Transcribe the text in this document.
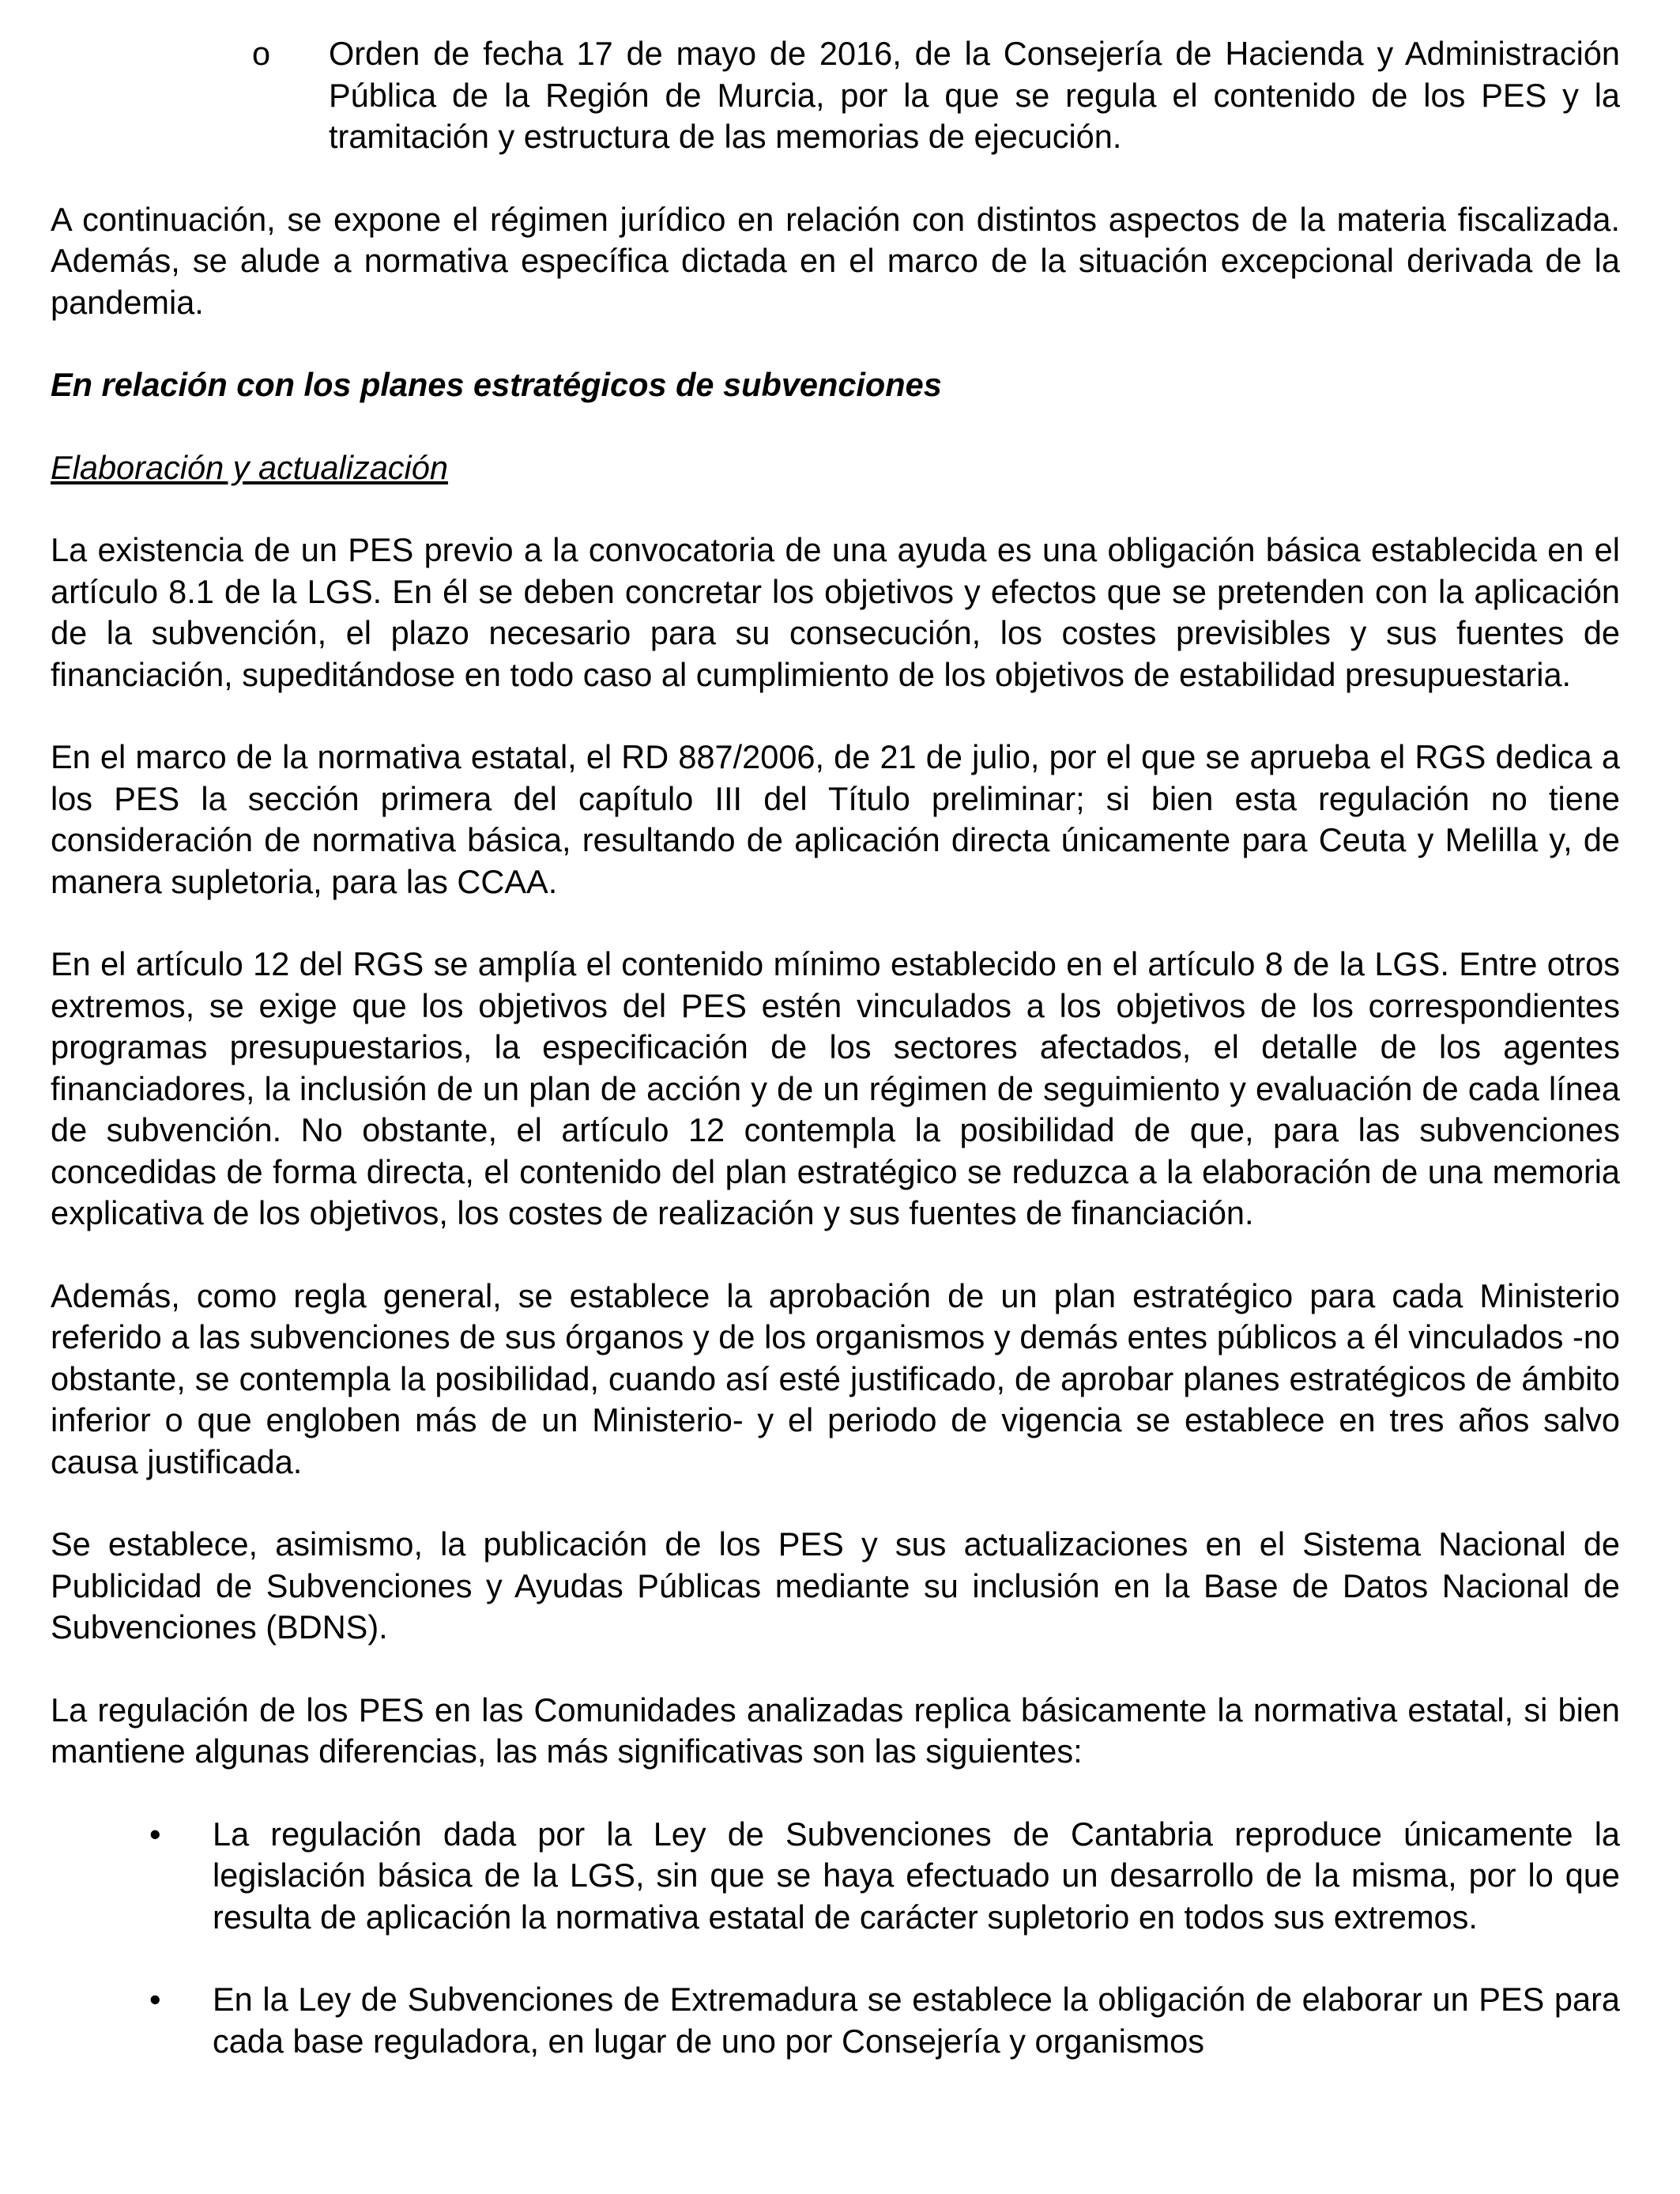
o Orden de fecha 17 de mayo de 2016, de la Consejería de Hacienda y Administración Pública de la Región de Murcia, por la que se regula el contenido de los PES y la tramitación y estructura de las memorias de ejecución.

A continuación, se expone el régimen jurídico en relación con distintos aspectos de la materia fiscalizada. Además, se alude a normativa específica dictada en el marco de la situación excepcional derivada de la pandemia.

En relación con los planes estratégicos de subvenciones
Elaboración y actualización

La existencia de un PES previo a la convocatoria de una ayuda es una obligación básica establecida en el artículo 8.1 de la LGS. En él se deben concretar los objetivos y efectos que se pretenden con la aplicación de la subvención, el plazo necesario para su consecución, los costes previsibles y sus fuentes de financiación, supeditándose en todo caso al cumplimiento de los objetivos de estabilidad presupuestaria.

En el marco de la normativa estatal, el RD 887/2006, de 21 de julio, por el que se aprueba el RGS dedica a los PES la sección primera del capítulo III del Título preliminar; si bien esta regulación no tiene consideración de normativa básica, resultando de aplicación directa únicamente para Ceuta y Melilla y, de manera supletoria, para las CCAA.

En el artículo 12 del RGS se amplía el contenido mínimo establecido en el artículo 8 de la LGS. Entre otros extremos, se exige que los objetivos del PES estén vinculados a los objetivos de los correspondientes programas presupuestarios, la especificación de los sectores afectados, el detalle de los agentes financiadores, la inclusión de un plan de acción y de un régimen de seguimiento y evaluación de cada línea de subvención. No obstante, el artículo 12 contempla la posibilidad de que, para las subvenciones concedidas de forma directa, el contenido del plan estratégico se reduzca a la elaboración de una memoria explicativa de los objetivos, los costes de realización y sus fuentes de financiación.

Además, como regla general, se establece la aprobación de un plan estratégico para cada Ministerio referido a las subvenciones de sus órganos y de los organismos y demás entes públicos a él vinculados -no obstante, se contempla la posibilidad, cuando así esté justificado, de aprobar planes estratégicos de ámbito inferior o que engloben más de un Ministerio- y el periodo de vigencia se establece en tres años salvo causa justificada.

Se establece, asimismo, la publicación de los PES y sus actualizaciones en el Sistema Nacional de Publicidad de Subvenciones y Ayudas Públicas mediante su inclusión en la Base de Datos Nacional de Subvenciones (BDNS).

La regulación de los PES en las Comunidades analizadas replica básicamente la normativa estatal, si bien mantiene algunas diferencias, las más significativas son las siguientes:

• La regulación dada por la Ley de Subvenciones de Cantabria reproduce únicamente la legislación básica de la LGS, sin que se haya efectuado un desarrollo de la misma, por lo que resulta de aplicación la normativa estatal de carácter supletorio en todos sus extremos.

• En la Ley de Subvenciones de Extremadura se establece la obligación de elaborar un PES para cada base reguladora, en lugar de uno por Consejería y organismos
